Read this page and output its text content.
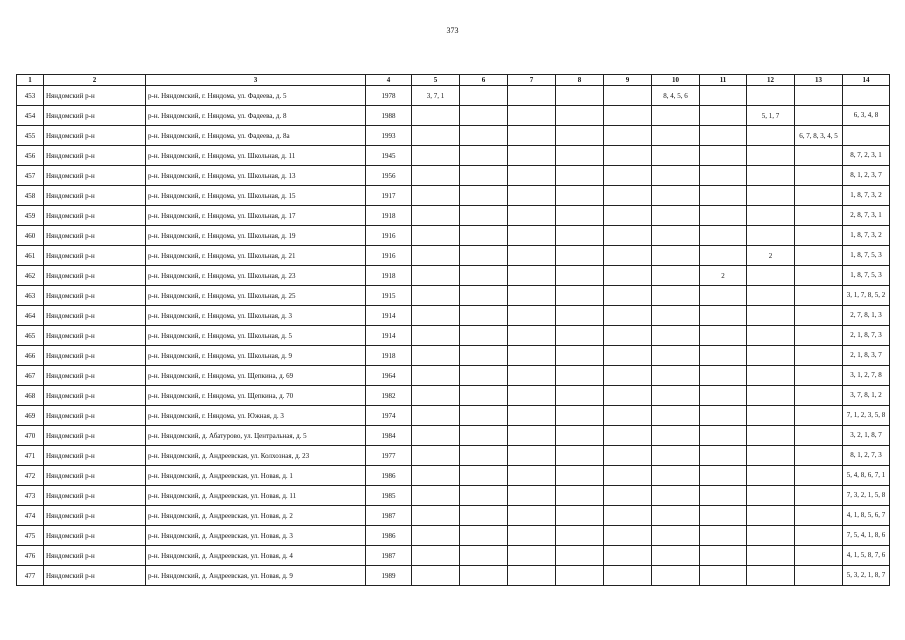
373
1	2	3	4	5	6	7	8	9	10	11	12	13	14
453	Няндомский р-н	р-н. Няндомский, г. Няндома, ул. Фадеева, д. 5	1978	3, 7, 1					8, 4, 5, 6				
454	Няндомский р-н	р-н. Няндомский, г. Няндома, ул. Фадеева, д. 8	1988								5, 1, 7		6, 3, 4, 8
455	Няндомский р-н	р-н. Няндомский, г. Няндома, ул. Фадеева, д. 8а	1993									6, 7, 8, 3, 4, 5	
456	Няндомский р-н	р-н. Няндомский, г. Няндома, ул. Школьная, д. 11	1945										8, 7, 2, 3, 1
457	Няндомский р-н	р-н. Няндомский, г. Няндома, ул. Школьная, д. 13	1956										8, 1, 2, 3, 7
458	Няндомский р-н	р-н. Няндомский, г. Няндома, ул. Школьная, д. 15	1917										1, 8, 7, 3, 2
459	Няндомский р-н	р-н. Няндомский, г. Няндома, ул. Школьная, д. 17	1918										2, 8, 7, 3, 1
460	Няндомский р-н	р-н. Няндомский, г. Няндома, ул. Школьная, д. 19	1916										1, 8, 7, 3, 2
461	Няндомский р-н	р-н. Няндомский, г. Няндома, ул. Школьная, д. 21	1916								2		1, 8, 7, 5, 3
462	Няндомский р-н	р-н. Няндомский, г. Няндома, ул. Школьная, д. 23	1918							2			1, 8, 7, 5, 3
463	Няндомский р-н	р-н. Няндомский, г. Няндома, ул. Школьная, д. 25	1915										3, 1, 7, 8, 5, 2
464	Няндомский р-н	р-н. Няндомский, г. Няндома, ул. Школьная, д. 3	1914										2, 7, 8, 1, 3
465	Няндомский р-н	р-н. Няндомский, г. Няндома, ул. Школьная, д. 5	1914										2, 1, 8, 7, 3
466	Няндомский р-н	р-н. Няндомский, г. Няндома, ул. Школьная, д. 9	1918										2, 1, 8, 3, 7
467	Няндомский р-н	р-н. Няндомский, г. Няндома, ул. Щепкина, д. 69	1964										3, 1, 2, 7, 8
468	Няндомский р-н	р-н. Няндомский, г. Няндома, ул. Щепкина, д. 70	1982										3, 7, 8, 1, 2
469	Няндомский р-н	р-н. Няндомский, г. Няндома, ул. Южная, д. 3	1974										7, 1, 2, 3, 5, 8
470	Няндомский р-н	р-н. Няндомский, д. Абатурово, ул. Центральная, д. 5	1984										3, 2, 1, 8, 7
471	Няндомский р-н	р-н. Няндомский, д. Андреевская, ул. Колхозная, д. 23	1977										8, 1, 2, 7, 3
472	Няндомский р-н	р-н. Няндомский, д. Андреевская, ул. Новая, д. 1	1986										5, 4, 8, 6, 7, 1
473	Няндомский р-н	р-н. Няндомский, д. Андреевская, ул. Новая, д. 11	1985										7, 3, 2, 1, 5, 8
474	Няндомский р-н	р-н. Няндомский, д. Андреевская, ул. Новая, д. 2	1987										4, 1, 8, 5, 6, 7
475	Няндомский р-н	р-н. Няндомский, д. Андреевская, ул. Новая, д. 3	1986										7, 5, 4, 1, 8, 6
476	Няндомский р-н	р-н. Няндомский, д. Андреевская, ул. Новая, д. 4	1987										4, 1, 5, 8, 7, 6
477	Няндомский р-н	р-н. Няндомский, д. Андреевская, ул. Новая, д. 9	1989										5, 3, 2, 1, 8, 7
